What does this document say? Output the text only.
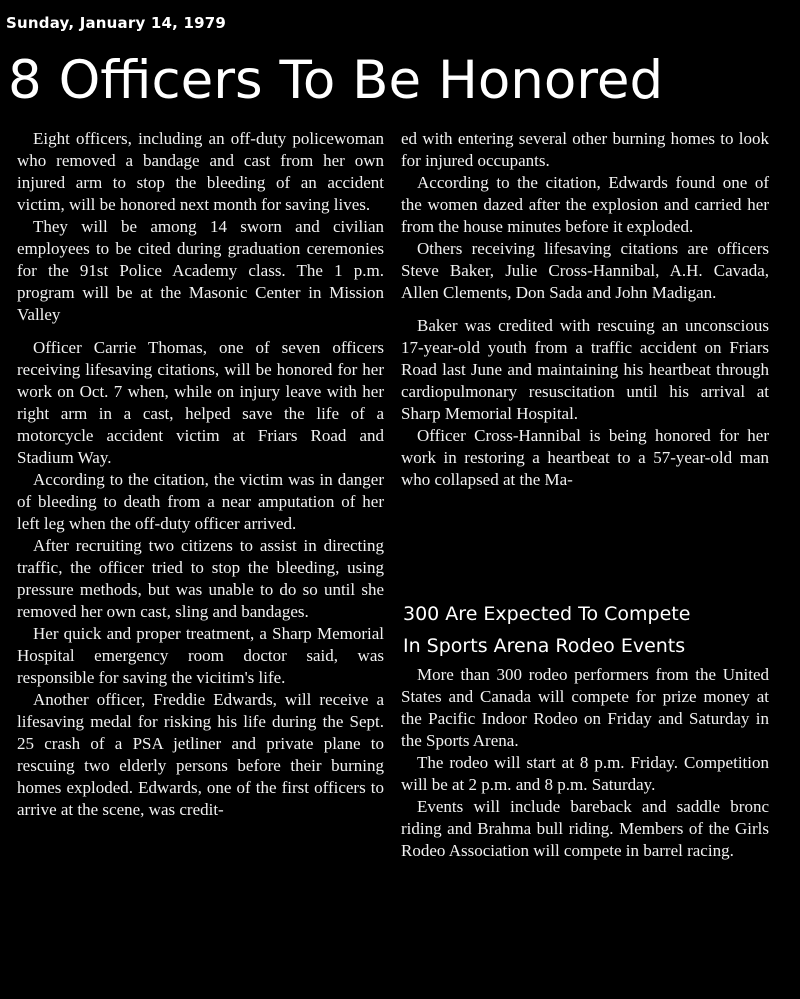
Sunday, January 14, 1979
8 Officers To Be Honored

Eight officers, including an off-duty policewoman who removed a bandage and cast from her own injured arm to stop the bleeding of an accident victim, will be honored next month for saving lives.

They will be among 14 sworn and civilian employees to be cited during graduation ceremonies for the 91st Police Academy class. The 1 p.m. program will be at the Masonic Center in Mission Valley

Officer Carrie Thomas, one of seven officers receiving lifesaving citations, will be honored for her work on Oct. 7 when, while on injury leave with her right arm in a cast, helped save the life of a motorcycle accident victim at Friars Road and Stadium Way.

According to the citation, the victim was in danger of bleeding to death from a near amputation of her left leg when the off-duty officer arrived.

After recruiting two citizens to assist in directing traffic, the officer tried to stop the bleeding, using pressure methods, but was unable to do so until she removed her own cast, sling and bandages.

Her quick and proper treatment, a Sharp Memorial Hospital emergency room doctor said, was responsible for saving the vicitim's life.

Another officer, Freddie Edwards, will receive a lifesaving medal for risking his life during the Sept. 25 crash of a PSA jetliner and private plane to rescuing two elderly persons before their burning homes exploded. Edwards, one of the first officers to arrive at the scene, was credit-

ed with entering several other burning homes to look for injured occupants.

According to the citation, Edwards found one of the women dazed after the explosion and carried her from the house minutes before it exploded.

Others receiving lifesaving citations are officers Steve Baker, Julie Cross-Hannibal, A.H. Cavada, Allen Clements, Don Sada and John Madigan.

Baker was credited with rescuing an unconscious 17-year-old youth from a traffic accident on Friars Road last June and maintaining his heartbeat through cardiopulmonary resuscitation until his arrival at Sharp Memorial Hospital.

Officer Cross-Hannibal is being honored for her work in restoring a heartbeat to a 57-year-old man who collapsed at the Ma-

300 Are Expected To Compete
In Sports Arena Rodeo Events

More than 300 rodeo performers from the United States and Canada will compete for prize money at the Pacific Indoor Rodeo on Friday and Saturday in the Sports Arena.

The rodeo will start at 8 p.m. Friday. Competition will be at 2 p.m. and 8 p.m. Saturday.

Events will include bareback and saddle bronc riding and Brahma bull riding. Members of the Girls Rodeo Association will compete in barrel racing.
